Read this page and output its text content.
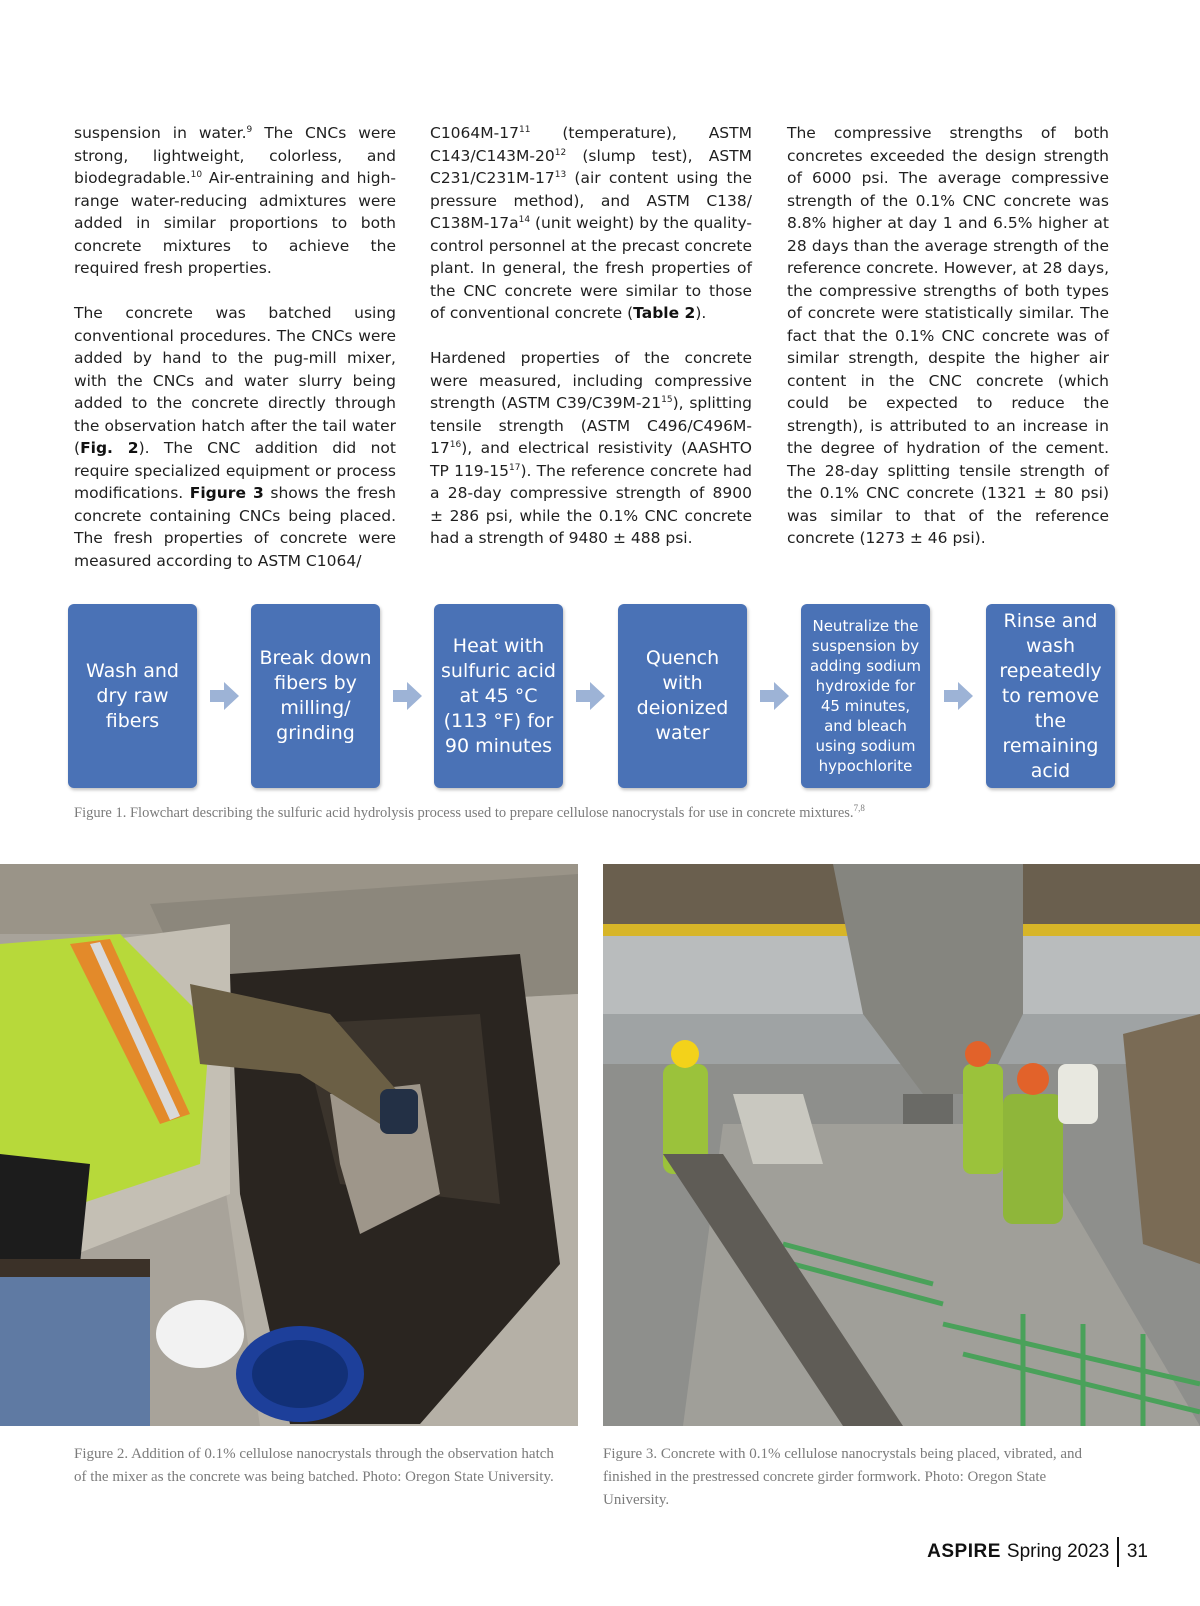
suspension in water.$^9$ The CNCs were strong, lightweight, colorless, and biodegradable.$^{10}$ Air-entraining and high-range water-reducing admixtures were added in similar proportions to both concrete mixtures to achieve the required fresh properties.

The concrete was batched using conventional procedures. The CNCs were added by hand to the pug-mill mixer, with the CNCs and water slurry being added to the concrete directly through the observation hatch after the tail water (Fig. 2). The CNC addition did not require specialized equipment or process modifications. Figure 3 shows the fresh concrete containing CNCs being placed. The fresh properties of concrete were measured according to ASTM C1064/

$C1064M-17^{11}$ (temperature), ASTM $C143/C143M-20^{12}$ (slump test), ASTM $C231/C231M-17^{13}$ (air content using the pressure method), and ASTM C138/ $C138M-17a^{14}$ (unit weight) by the quality-control personnel at the precast concrete plant. In general, the fresh properties of the CNC concrete were similar to those of conventional concrete (Table 2).

Hardened properties of the concrete were measured, including compressive strength (ASTM $C39/C39M-21^{15}$), splitting tensile strength (ASTM $C496/C496M-17^{16}$), and electrical resistivity (AASHTO TP $119-15^{17}$). The reference concrete had a 28-day compressive strength of 8900 ± 286 psi, while the 0.1% CNC concrete had a strength of 9480 ± 488 psi.

The compressive strengths of both concretes exceeded the design strength of 6000 psi. The average compressive strength of the 0.1% CNC concrete was 8.8% higher at day 1 and 6.5% higher at 28 days than the average strength of the reference concrete. However, at 28 days, the compressive strengths of both types of concrete were statistically similar. The fact that the 0.1% CNC concrete was of similar strength, despite the higher air content in the CNC concrete (which could be expected to reduce the strength), is attributed to an increase in the degree of hydration of the cement. The 28-day splitting tensile strength of the 0.1% CNC concrete (1321 ± 80 psi) was similar to that of the reference concrete (1273 ± 46 psi).

Wash and dry raw fibers
Break down fibers by milling/ grinding
Heat with sulfuric acid at 45 °C (113 °F) for 90 minutes
Quench with deionized water
Neutralize the suspension by adding sodium hydroxide for 45 minutes, and bleach using sodium hypochlorite
Rinse and wash repeatedly to remove the remaining acid
Figure 1. Flowchart describing the sulfuric acid hydrolysis process used to prepare cellulose nanocrystals for use in concrete mixtures.$^{7,8}$
Figure 2. Addition of 0.1% cellulose nanocrystals through the observation hatch of the mixer as the concrete was being batched. Photo: Oregon State University.
Figure 3. Concrete with 0.1% cellulose nanocrystals being placed, vibrated, and finished in the prestressed concrete girder formwork. Photo: Oregon State University.
ASPIRE Spring 2023 31
